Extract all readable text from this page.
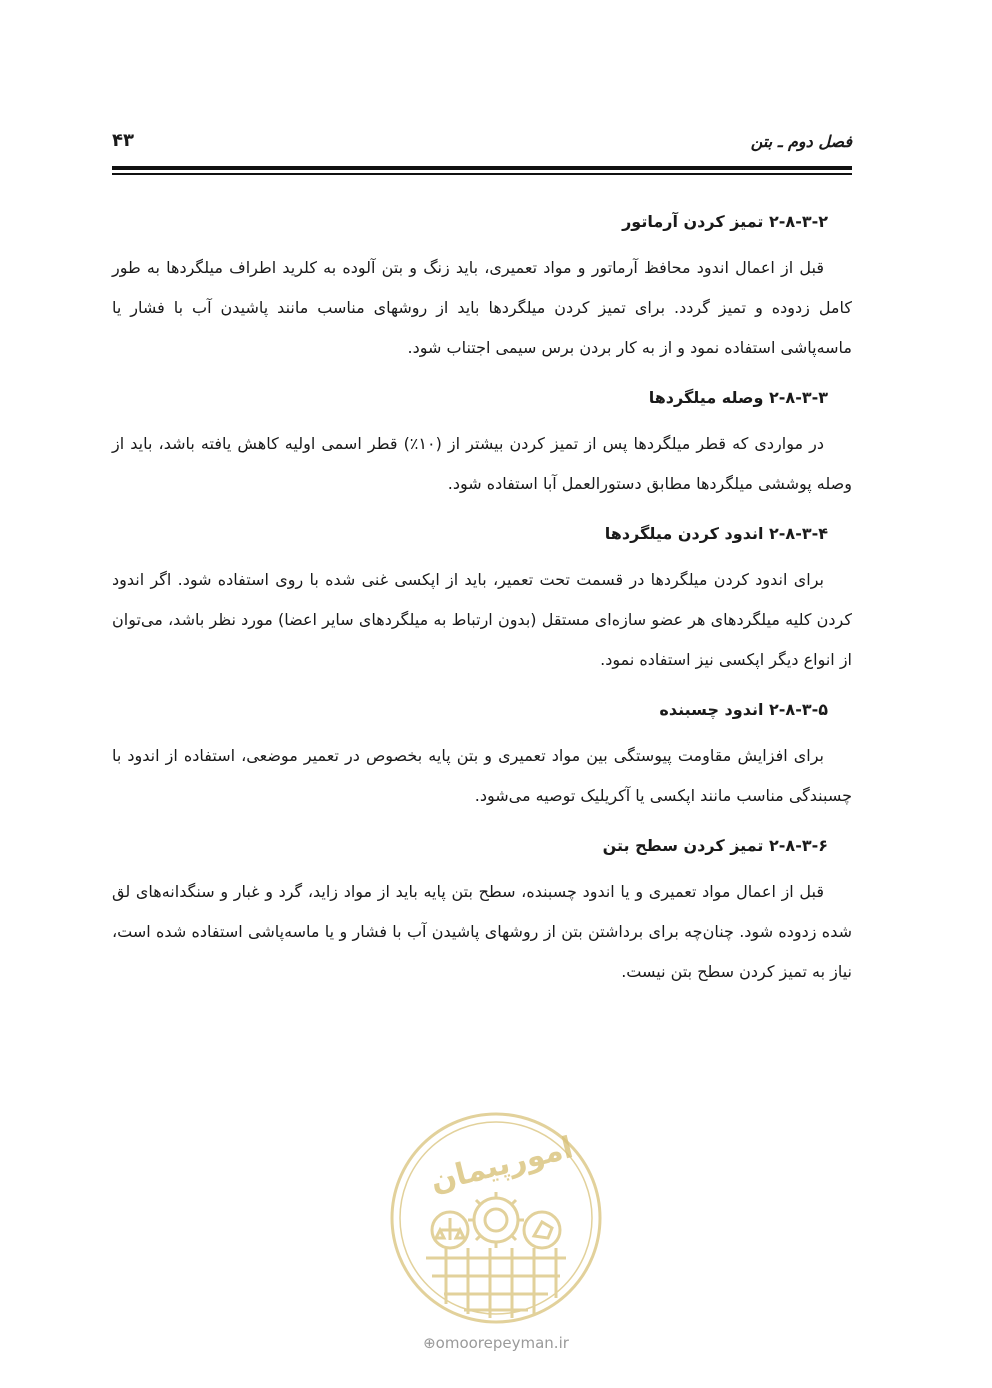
فصل دوم ـ بتن
۴۳
۲-۸-۳-۲ تمیز کردن آرماتور

قبل از اعمال اندود محافظ آرماتور و مواد تعمیری، باید زنگ و بتن آلوده به کلرید اطراف میلگردها به طور کامل زدوده و تمیز گردد. برای تمیز کردن میلگردها باید از روشهای مناسب مانند پاشیدن آب با فشار یا ماسه‌پاشی استفاده نمود و از به کار بردن برس سیمی اجتناب شود.

۲-۸-۳-۳ وصله میلگردها

در مواردی که قطر میلگردها پس از تمیز کردن بیشتر از (۱۰٪) قطر اسمی اولیه کاهش یافته باشد، باید از وصله پوششی میلگردها مطابق دستورالعمل آبا استفاده شود.

۲-۸-۳-۴ اندود کردن میلگردها

برای اندود کردن میلگردها در قسمت تحت تعمیر، باید از اپکسی غنی شده با روی استفاده شود. اگر اندود کردن کلیه میلگردهای هر عضو سازه‌ای مستقل (بدون ارتباط به میلگردهای سایر اعضا) مورد نظر باشد، می‌توان از انواع دیگر اپکسی نیز استفاده نمود.

۲-۸-۳-۵ اندود چسبنده

برای افزایش مقاومت پیوستگی بین مواد تعمیری و بتن پایه بخصوص در تعمیر موضعی، استفاده از اندود با چسبندگی مناسب مانند اپکسی یا آکریلیک توصیه می‌شود.

۲-۸-۳-۶ تمیز کردن سطح بتن

قبل از اعمال مواد تعمیری و یا اندود چسبنده، سطح بتن پایه باید از مواد زاید، گرد و غبار و سنگدانه‌های لق شده زدوده شود. چنان‌چه برای برداشتن بتن از روشهای پاشیدن آب با فشار و یا ماسه‌پاشی استفاده شده است، نیاز به تمیز کردن سطح بتن نیست.

امورپیمان
⊕omoorepeyman.ir
